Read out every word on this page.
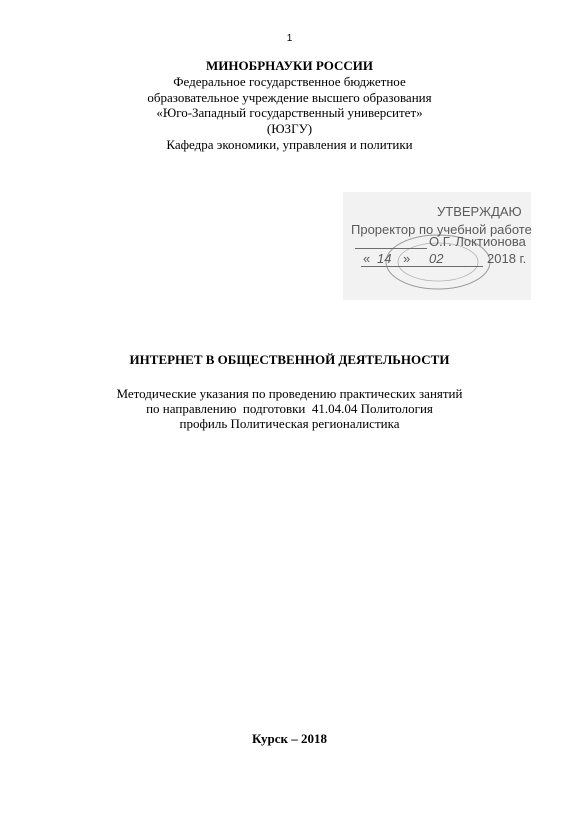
1
МИНОБРНАУКИ РОССИИ
Федеральное государственное бюджетное
образовательное учреждение высшего образования
«Юго-Западный государственный университет»
(ЮЗГУ)
Кафедра экономики, управления и политики
УТВЕРЖДАЮ
Проректор по учебной работе
О.Г. Локтионова
« 14 » 02	2018 г.
ИНТЕРНЕТ В ОБЩЕСТВЕННОЙ ДЕЯТЕЛЬНОСТИ
Методические указания по проведению практических занятий
по направлению  подготовки  41.04.04 Политология
профиль Политическая регионалистика
Курск – 2018
